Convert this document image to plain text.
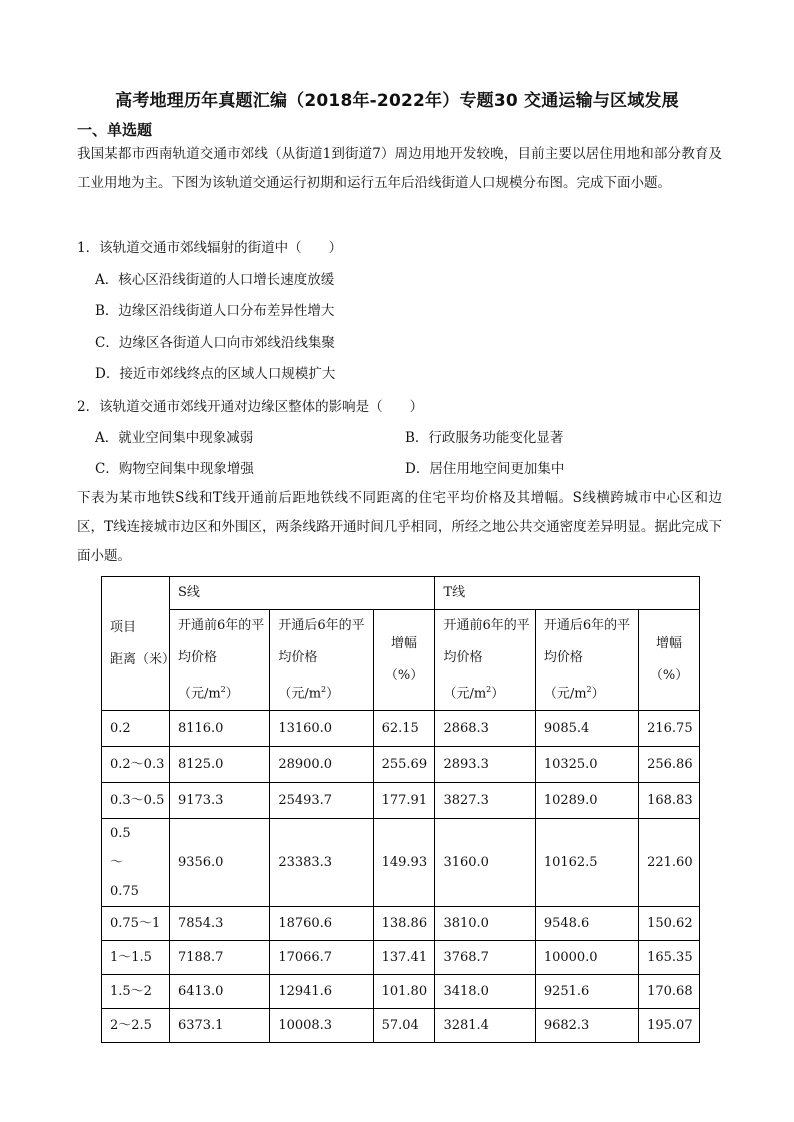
高考地理历年真题汇编（2018年-2022年）专题30 交通运输与区域发展
一、单选题
我国某都市西南轨道交通市郊线（从街道1到街道7）周边用地开发较晚，目前主要以居住用地和部分教育及工业用地为主。下图为该轨道交通运行初期和运行五年后沿线街道人口规模分布图。完成下面小题。
1．该轨道交通市郊线辐射的街道中（　　）
A．核心区沿线街道的人口增长速度放缓
B．边缘区沿线街道人口分布差异性增大
C．边缘区各街道人口向市郊线沿线集聚
D．接近市郊线终点的区域人口规模扩大
2．该轨道交通市郊线开通对边缘区整体的影响是（　　）
A．就业空间集中现象减弱	B．行政服务功能变化显著
C．购物空间集中现象增强	D．居住用地空间更加集中
下表为某市地铁S线和T线开通前后距地铁线不同距离的住宅平均价格及其增幅。S线横跨城市中心区和边区，T线连接城市边区和外围区，两条线路开通时间几乎相同，所经之地公共交通密度差异明显。据此完成下面小题。
项目
距离（米）	S线			T线		
	开通前6年的平均价格（元$/m^2$）	开通后6年的平均价格（元$/m^2$）	增幅（%）	开通前6年的平均价格（元$/m^2$）	开通后6年的平均价格（元$/m^2$）	增幅（%）
0.2	8116.0	13160.0	62.15	2868.3	9085.4	216.75
0.2～0.3	8125.0	28900.0	255.69	2893.3	10325.0	256.86
0.3～0.5	9173.3	25493.7	177.91	3827.3	10289.0	168.83
0.5～0.75	9356.0	23383.3	149.93	3160.0	10162.5	221.60
0.75～1	7854.3	18760.6	138.86	3810.0	9548.6	150.62
1～1.5	7188.7	17066.7	137.41	3768.7	10000.0	165.35
1.5～2	6413.0	12941.6	101.80	3418.0	9251.6	170.68
2～2.5	6373.1	10008.3	57.04	3281.4	9682.3	195.07
